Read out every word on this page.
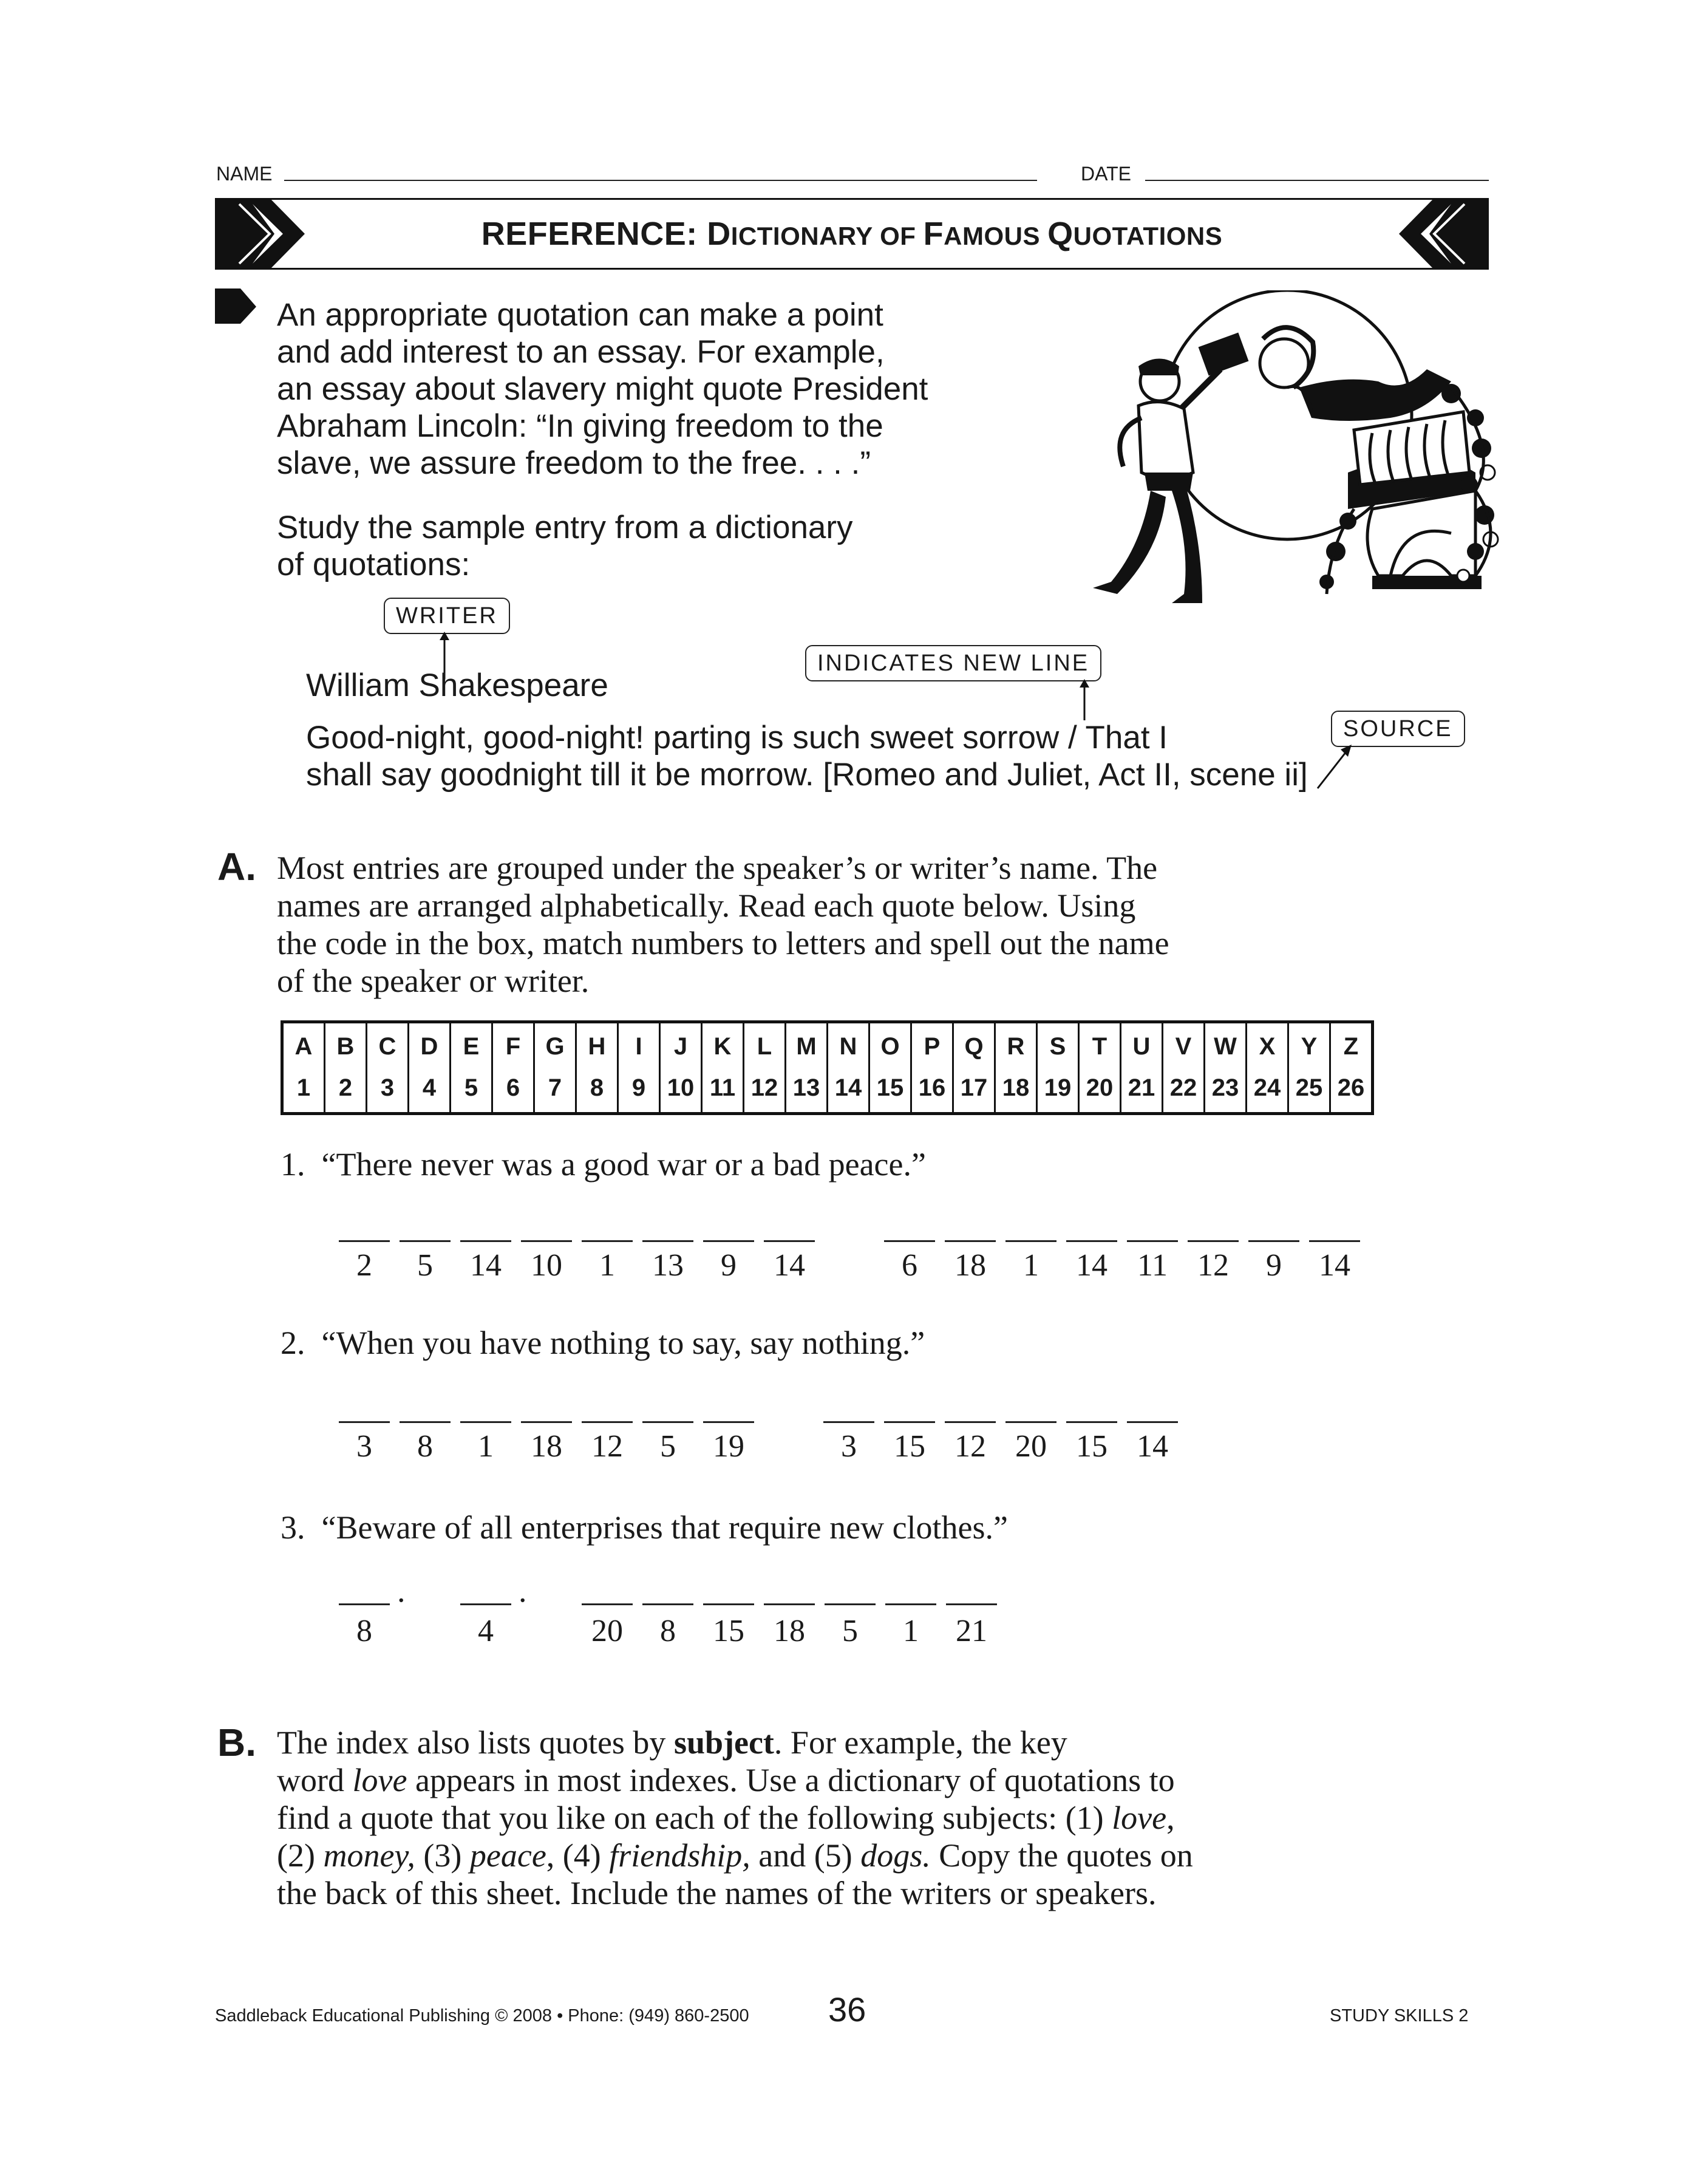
NAME	DATE
REFERENCE: DICTIONARY OF FAMOUS QUOTATIONS
An appropriate quotation can make a point
and add interest to an essay. For example,
an essay about slavery might quote President
Abraham Lincoln: “In giving freedom to the
slave, we assure freedom to the free. . . .”
Study the sample entry from a dictionary
of quotations:
WRITER
William Shakespeare
INDICATES NEW LINE
SOURCE
Good-night, good-night! parting is such sweet sorrow / That I
shall say goodnight till it be morrow. [Romeo and Juliet, Act II, scene ii]
A. Most entries are grouped under the speaker’s or writer’s name. The
names are arranged alphabetically. Read each quote below. Using
the code in the box, match numbers to letters and spell out the name
of the speaker or writer.
A	B	C	D	E	F	G	H	I	J	K	L	M	N	O	P	Q	R	S	T	U	V	W	X	Y	Z
1	2	3	4	5	6	7	8	9	10	11	12	13	14	15	16	17	18	19	20	21	22	23	24	25	26
1. “There never was a good war or a bad peace.”
2	5	14 10	1	13	9	14	6	18	1	14 11 12	9	14
2. “When you have nothing to say, say nothing.”
3	8	1	18 12	5	19	3	15 12 20 15 14
3. “Beware of all enterprises that require new clothes.”
8
.
4
.
20	8	15 18	5	1	21
B. The index also lists quotes by subject. For example, the key
word love appears in most indexes. Use a dictionary of quotations to
find a quote that you like on each of the following subjects: (1) love,
(2) money, (3) peace, (4) friendship, and (5) dogs. Copy the quotes on
the back of this sheet. Include the names of the writers or speakers.
Saddleback Educational Publishing © 2008 • Phone: (949) 860-2500 36	STUDY SKILLS 2
